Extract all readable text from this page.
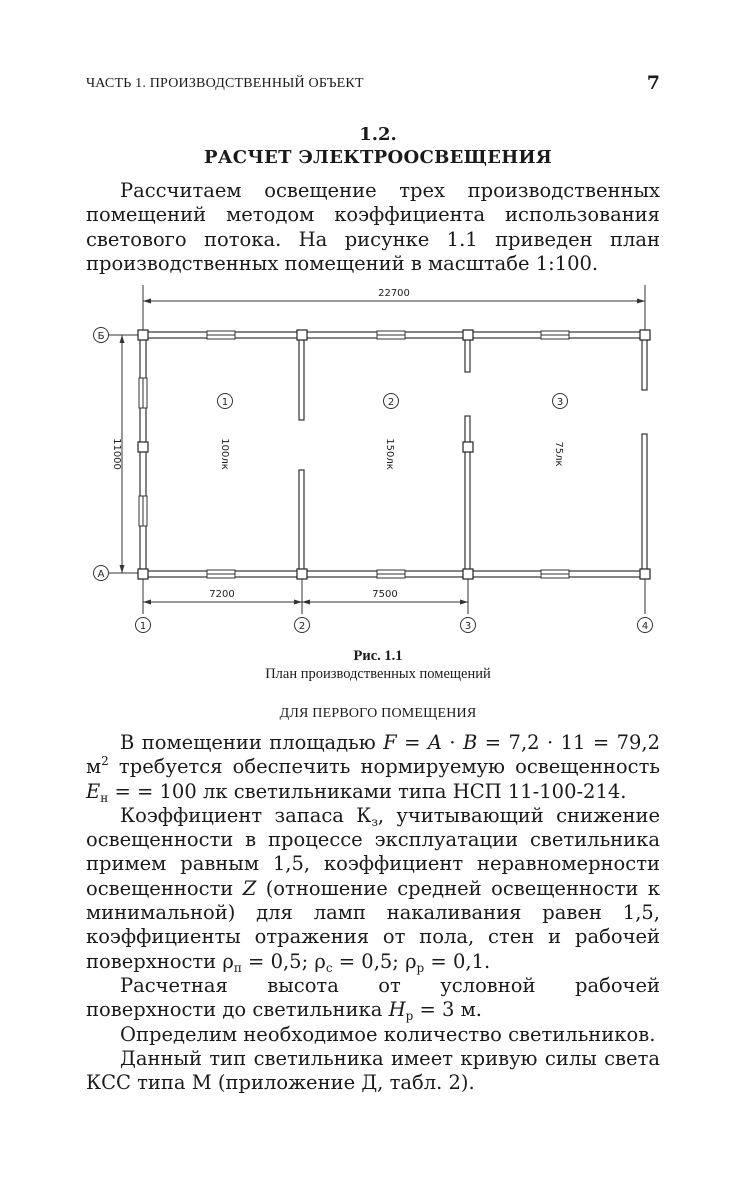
ЧАСТЬ 1. ПРОИЗВОДСТВЕННЫЙ ОБЪЕКТ	7
1.2.
РАСЧЕТ ЭЛЕКТРООСВЕЩЕНИЯ

Рассчитаем освещение трех производственных помещений методом коэффициента использования светового потока. На рисунке 1.1 приведен план производственных помещений в масштабе 1:100.

22700
11000
7200	7500
Б
А
1	2	3	4
1	2	3
100лк	150лк	75лк
Рис. 1.1
План производственных помещений
ДЛЯ ПЕРВОГО ПОМЕЩЕНИЯ

В помещении площадью F = A · B = 7,2 · 11 = 79,2 $м^2$ требуется обеспечить нормируемую освещенность $E_н$ = = 100 лк светильниками типа НСП 11-100-214.

Коэффициент запаса $К_з$, учитывающий снижение освещенности в процессе эксплуатации светильника примем равным 1,5, коэффициент неравномерности освещенности Z (отношение средней освещенности к минимальной) для ламп накаливания равен 1,5, коэффициенты отражения от пола, стен и рабочей поверхности $\rho_п = 0,5$; $\rho_с = 0,5$; $\rho_р = 0,1$.

Расчетная высота от условной рабочей поверхности до светильника $H_р = 3$ м.

Определим необходимое количество светильников.

Данный тип светильника имеет кривую силы света КСС типа М (приложение Д, табл. 2).
